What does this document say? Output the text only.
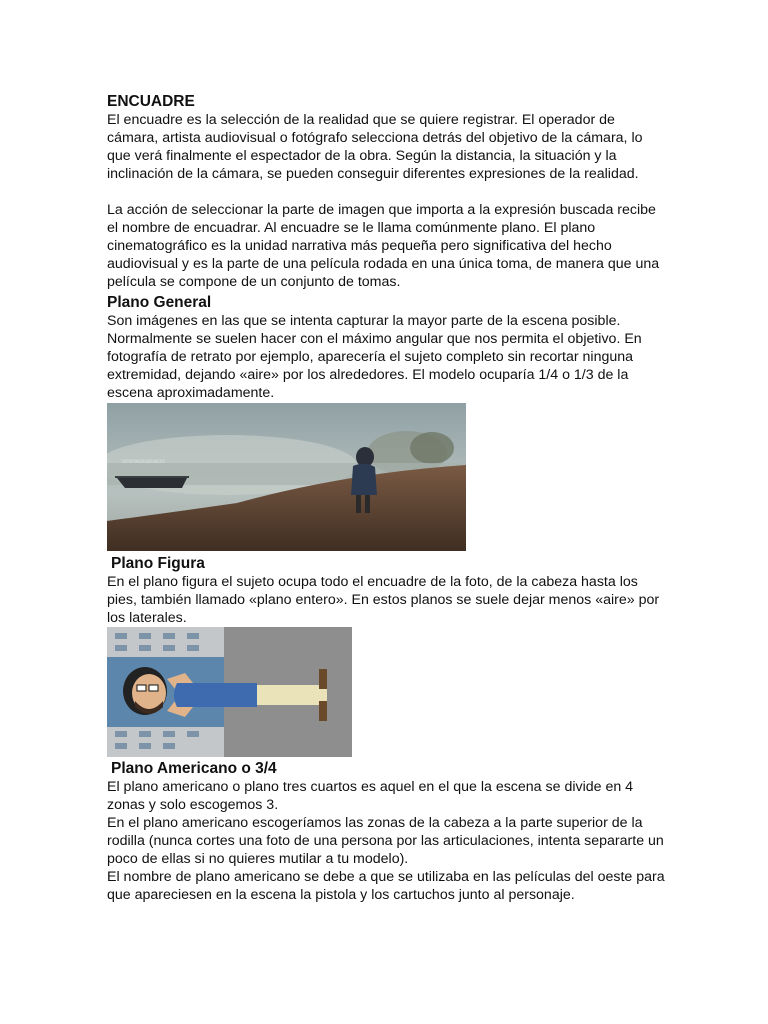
ENCUADRE

El encuadre es la selección de la realidad que se quiere registrar. El operador de cámara, artista audiovisual o fotógrafo selecciona detrás del objetivo de la cámara, lo que verá finalmente el espectador de la obra. Según la distancia, la situación y la inclinación de la cámara, se pueden conseguir diferentes expresiones de la realidad.

La acción de seleccionar la parte de imagen que importa a la expresión buscada recibe el nombre de encuadrar. Al encuadre se le llama comúnmente plano. El plano cinematográfico es la unidad narrativa más pequeña pero significativa del hecho audiovisual y es la parte de una película rodada en una única toma, de manera que una película se compone de un conjunto de tomas.

Plano General

Son imágenes en las que se intenta capturar la mayor parte de la escena posible. Normalmente se suelen hacer con el máximo angular que nos permita el objetivo. En fotografía de retrato por ejemplo, aparecería el sujeto completo sin recortar ninguna extremidad, dejando «aire» por los alrededores. El modelo ocuparía 1/4 o 1/3 de la escena aproximadamente.

sinmiedoalvacio

Plano Figura

En el plano figura el sujeto ocupa todo el encuadre de la foto, de la cabeza hasta los pies, también llamado «plano entero». En estos planos se suele dejar menos «aire» por los laterales.

Plano Americano o 3/4

El plano americano o plano tres cuartos es aquel en el que la escena se divide en 4 zonas y solo escogemos 3.

En el plano americano escogeríamos las zonas de la cabeza a la parte superior de la rodilla (nunca cortes una foto de una persona por las articulaciones, intenta separarte un poco de ellas si no quieres mutilar a tu modelo).

El nombre de plano americano se debe a que se utilizaba en las películas del oeste para que apareciesen en la escena la pistola y los cartuchos junto al personaje.
